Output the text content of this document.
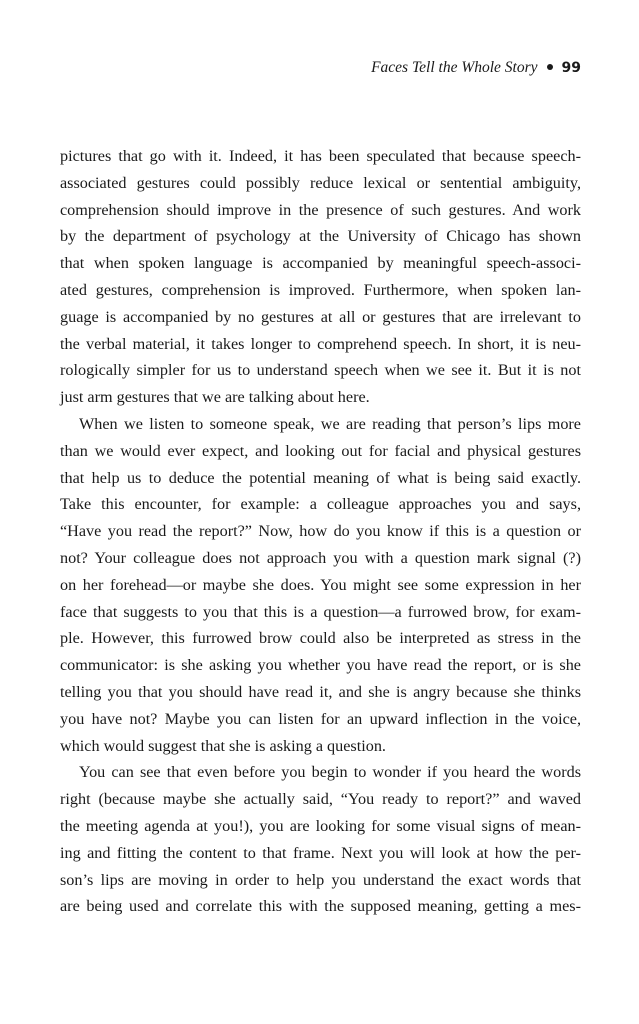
Faces Tell the Whole Story 99
pictures that go with it. Indeed, it has been speculated that because speech-
associated gestures could possibly reduce lexical or sentential ambiguity,
comprehension should improve in the presence of such gestures. And work
by the department of psychology at the University of Chicago has shown
that when spoken language is accompanied by meaningful speech-associ-
ated gestures, comprehension is improved. Furthermore, when spoken lan-
guage is accompanied by no gestures at all or gestures that are irrelevant to
the verbal material, it takes longer to comprehend speech. In short, it is neu-
rologically simpler for us to understand speech when we see it. But it is not
just arm gestures that we are talking about here.
When we listen to someone speak, we are reading that person’s lips more
than we would ever expect, and looking out for facial and physical gestures
that help us to deduce the potential meaning of what is being said exactly.
Take this encounter, for example: a colleague approaches you and says,
“Have you read the report?” Now, how do you know if this is a question or
not? Your colleague does not approach you with a question mark signal (?)
on her forehead—or maybe she does. You might see some expression in her
face that suggests to you that this is a question—a furrowed brow, for exam-
ple. However, this furrowed brow could also be interpreted as stress in the
communicator: is she asking you whether you have read the report, or is she
telling you that you should have read it, and she is angry because she thinks
you have not? Maybe you can listen for an upward inflection in the voice,
which would suggest that she is asking a question.
You can see that even before you begin to wonder if you heard the words
right (because maybe she actually said, “You ready to report?” and waved
the meeting agenda at you!), you are looking for some visual signs of mean-
ing and fitting the content to that frame. Next you will look at how the per-
son’s lips are moving in order to help you understand the exact words that
are being used and correlate this with the supposed meaning, getting a mes-
